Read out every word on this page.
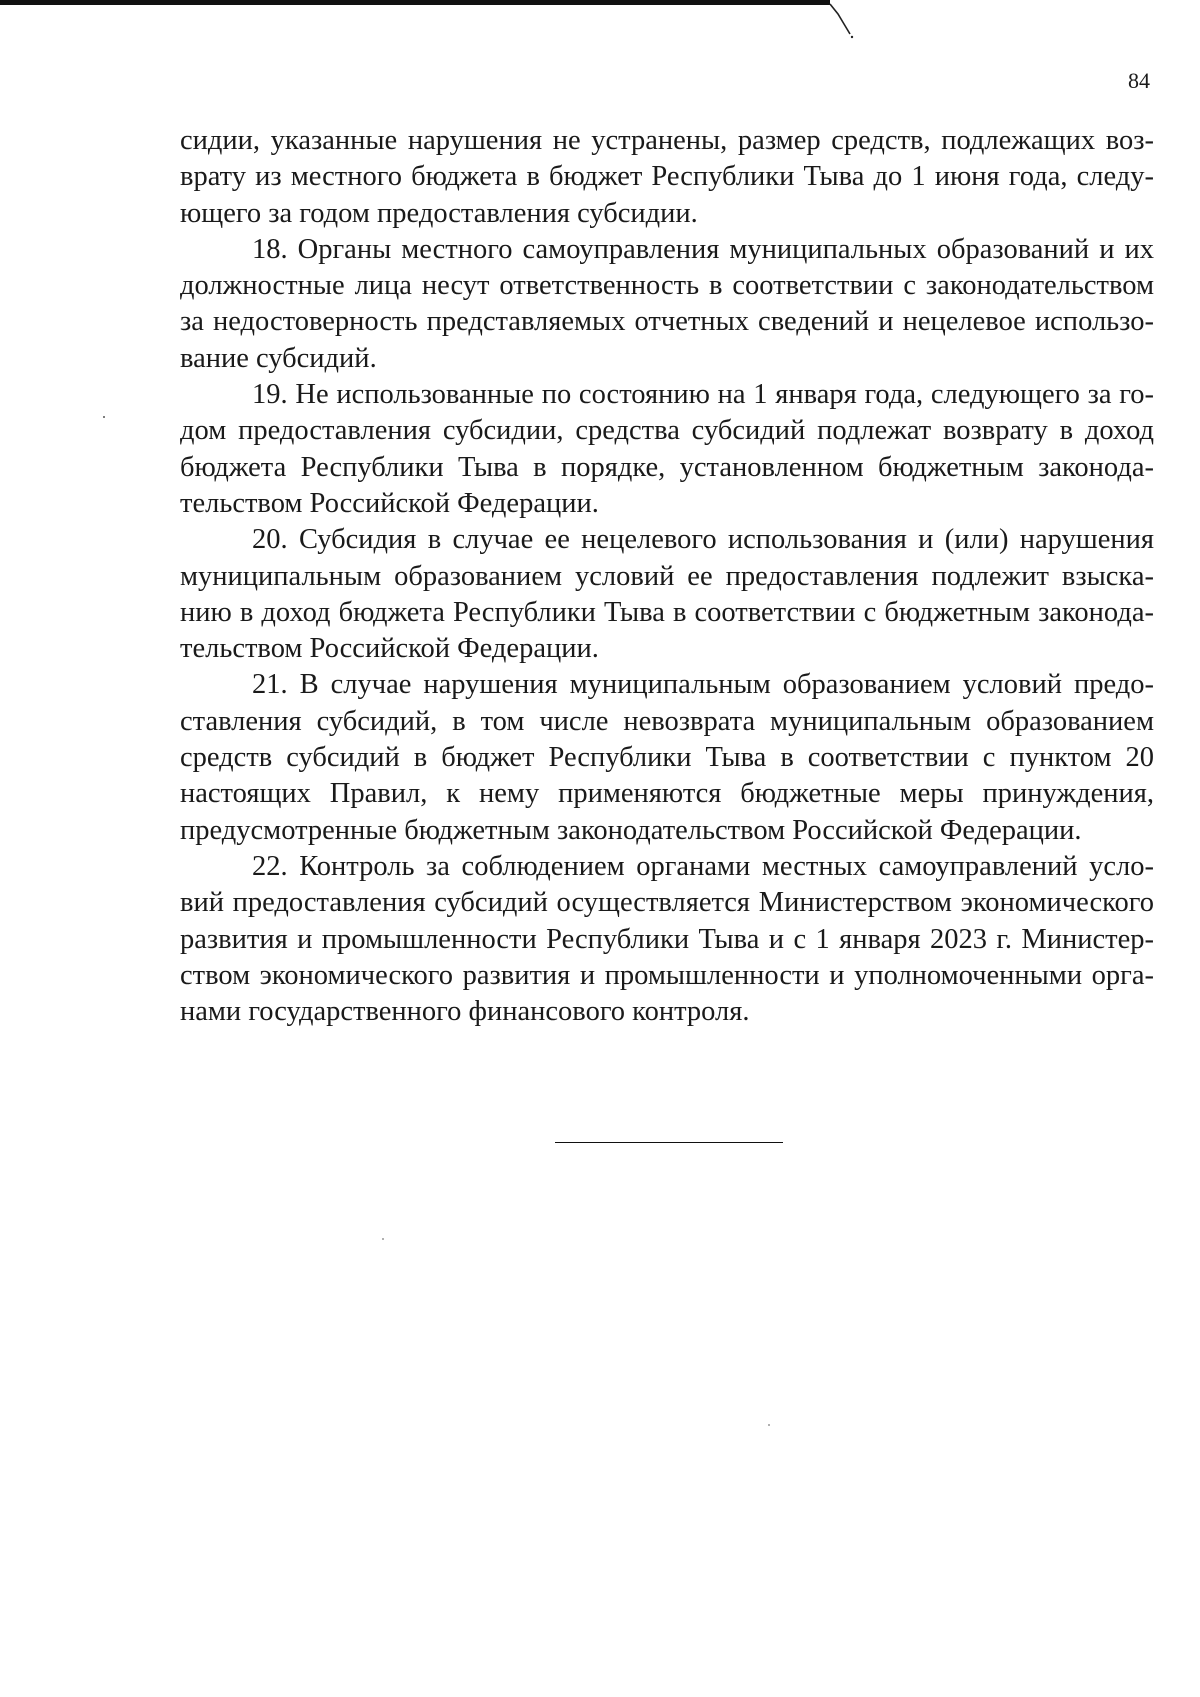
84

сидии, указанные нарушения не устранены, размер средств, подлежащих возврату из местного бюджета в бюджет Республики Тыва до 1 июня года, следующего за годом предоставления субсидии.

18. Органы местного самоуправления муниципальных образований и их должностные лица несут ответственность в соответствии с законодательством за недостоверность представляемых отчетных сведений и нецелевое использование субсидий.

19. Не использованные по состоянию на 1 января года, следующего за годом предоставления субсидии, средства субсидий подлежат возврату в доход бюджета Республики Тыва в порядке, установленном бюджетным законодательством Российской Федерации.

20. Субсидия в случае ее нецелевого использования и (или) нарушения муниципальным образованием условий ее предоставления подлежит взысканию в доход бюджета Республики Тыва в соответствии с бюджетным законодательством Российской Федерации.

21. В случае нарушения муниципальным образованием условий предоставления субсидий, в том числе невозврата муниципальным образованием средств субсидий в бюджет Республики Тыва в соответствии с пунктом 20 настоящих Правил, к нему применяются бюджетные меры принуждения, предусмотренные бюджетным законодательством Российской Федерации.

22. Контроль за соблюдением органами местных самоуправлений условий предоставления субсидий осуществляется Министерством экономического развития и промышленности Республики Тыва и с 1 января 2023 г. Министерством экономического развития и промышленности и уполномоченными органами государственного финансового контроля.
